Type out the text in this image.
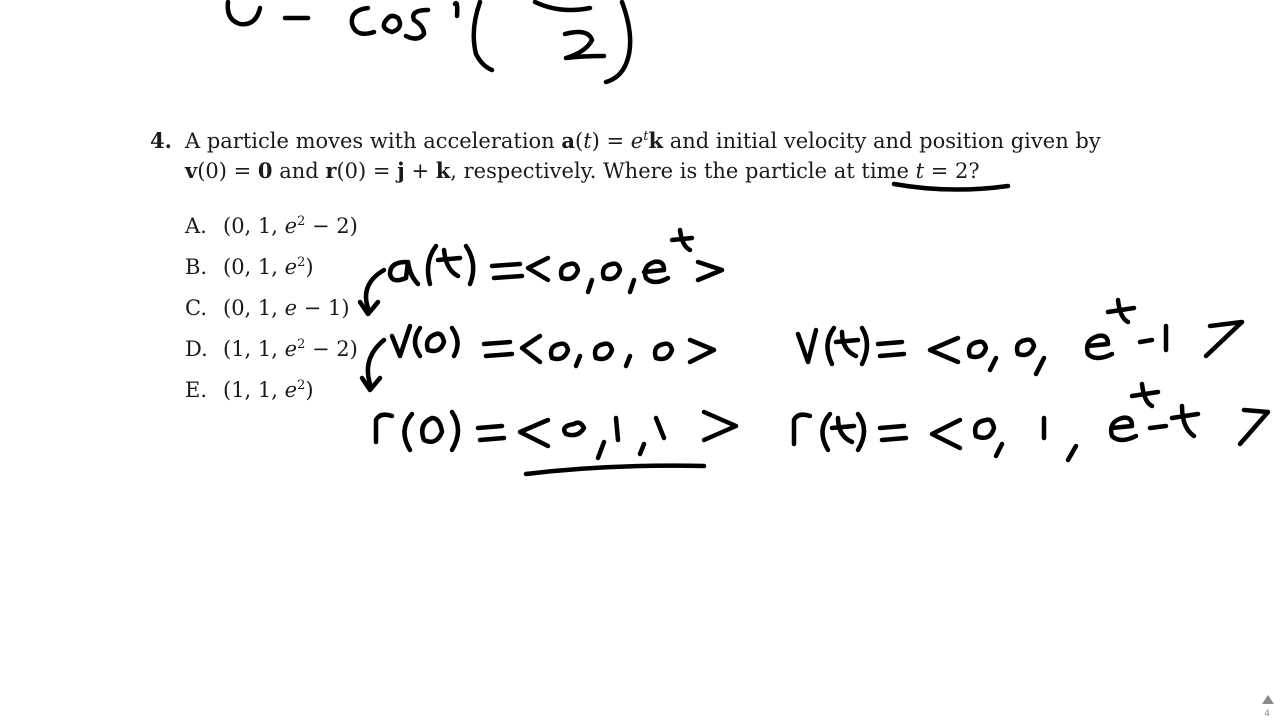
4. A particle moves with acceleration $a(t) = e^tk$ and initial velocity and position given by
v(0) = 0 and r(0) = j + k, respectively. Where is the particle at time t = 2?
A. (0, 1, $e^2 - 2$)
B. (0, 1, $e^2$)
C. (0, 1, e − 1)
D. (1, 1, $e^2 - 2$)
E. (1, 1, $e^2$)
4
